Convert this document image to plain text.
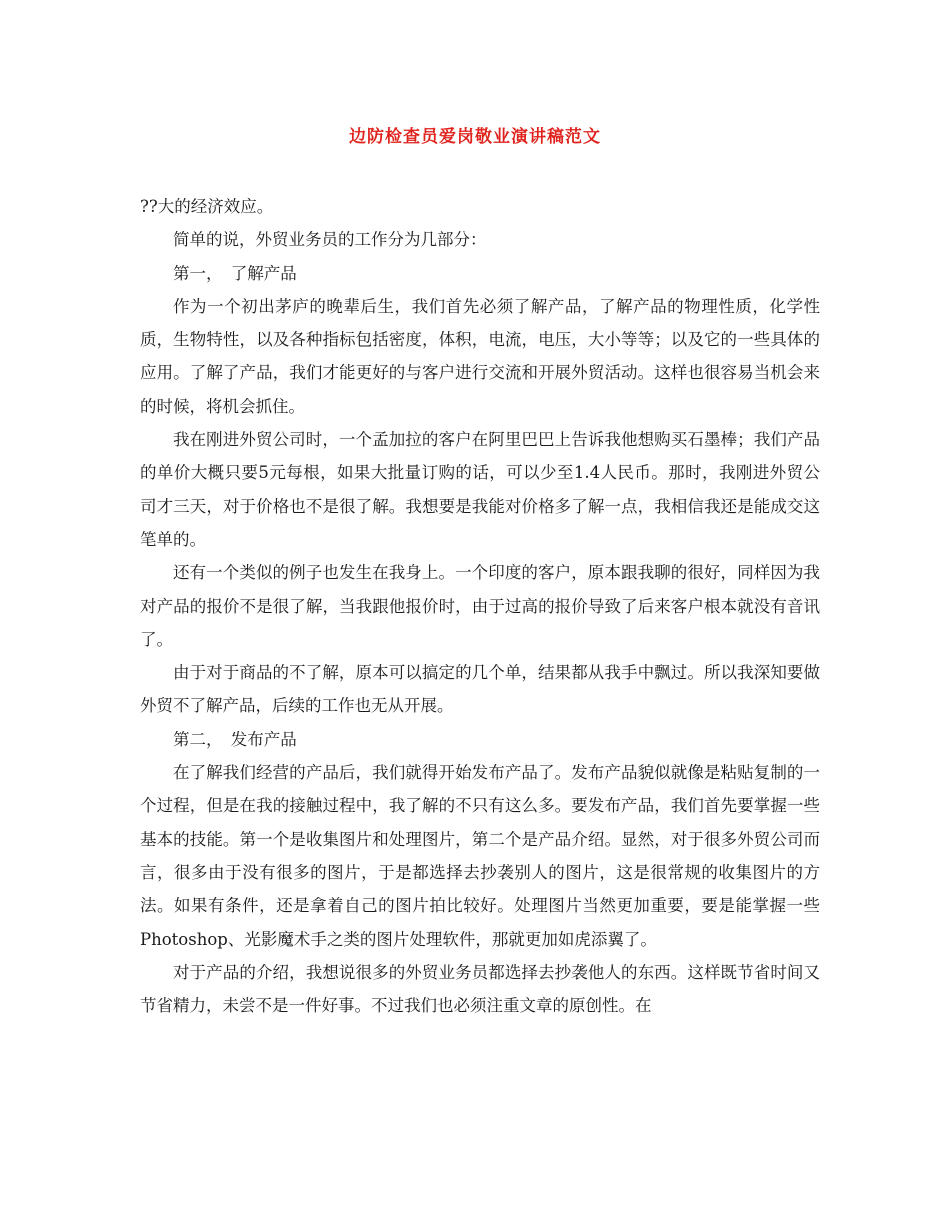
边防检查员爱岗敬业演讲稿范文

??大的经济效应。

简单的说，外贸业务员的工作分为几部分：

第一，　了解产品

作为一个初出茅庐的晚辈后生，我们首先必须了解产品，了解产品的物理性质，化学性质，生物特性，以及各种指标包括密度，体积，电流，电压，大小等等；以及它的一些具体的应用。了解了产品，我们才能更好的与客户进行交流和开展外贸活动。这样也很容易当机会来的时候，将机会抓住。

我在刚进外贸公司时，一个孟加拉的客户在阿里巴巴上告诉我他想购买石墨棒；我们产品的单价大概只要5元每根，如果大批量订购的话，可以少至1.4人民币。那时，我刚进外贸公司才三天，对于价格也不是很了解。我想要是我能对价格多了解一点，我相信我还是能成交这笔单的。

还有一个类似的例子也发生在我身上。一个印度的客户，原本跟我聊的很好，同样因为我对产品的报价不是很了解，当我跟他报价时，由于过高的报价导致了后来客户根本就没有音讯了。

由于对于商品的不了解，原本可以搞定的几个单，结果都从我手中飘过。所以我深知要做外贸不了解产品，后续的工作也无从开展。

第二，　发布产品

在了解我们经营的产品后，我们就得开始发布产品了。发布产品貌似就像是粘贴复制的一个过程，但是在我的接触过程中，我了解的不只有这么多。要发布产品，我们首先要掌握一些基本的技能。第一个是收集图片和处理图片，第二个是产品介绍。显然，对于很多外贸公司而言，很多由于没有很多的图片，于是都选择去抄袭别人的图片，这是很常规的收集图片的方法。如果有条件，还是拿着自己的图片拍比较好。处理图片当然更加重要，要是能掌握一些Photoshop、光影魔术手之类的图片处理软件，那就更加如虎添翼了。

对于产品的介绍，我想说很多的外贸业务员都选择去抄袭他人的东西。这样既节省时间又节省精力，未尝不是一件好事。不过我们也必须注重文章的原创性。在
